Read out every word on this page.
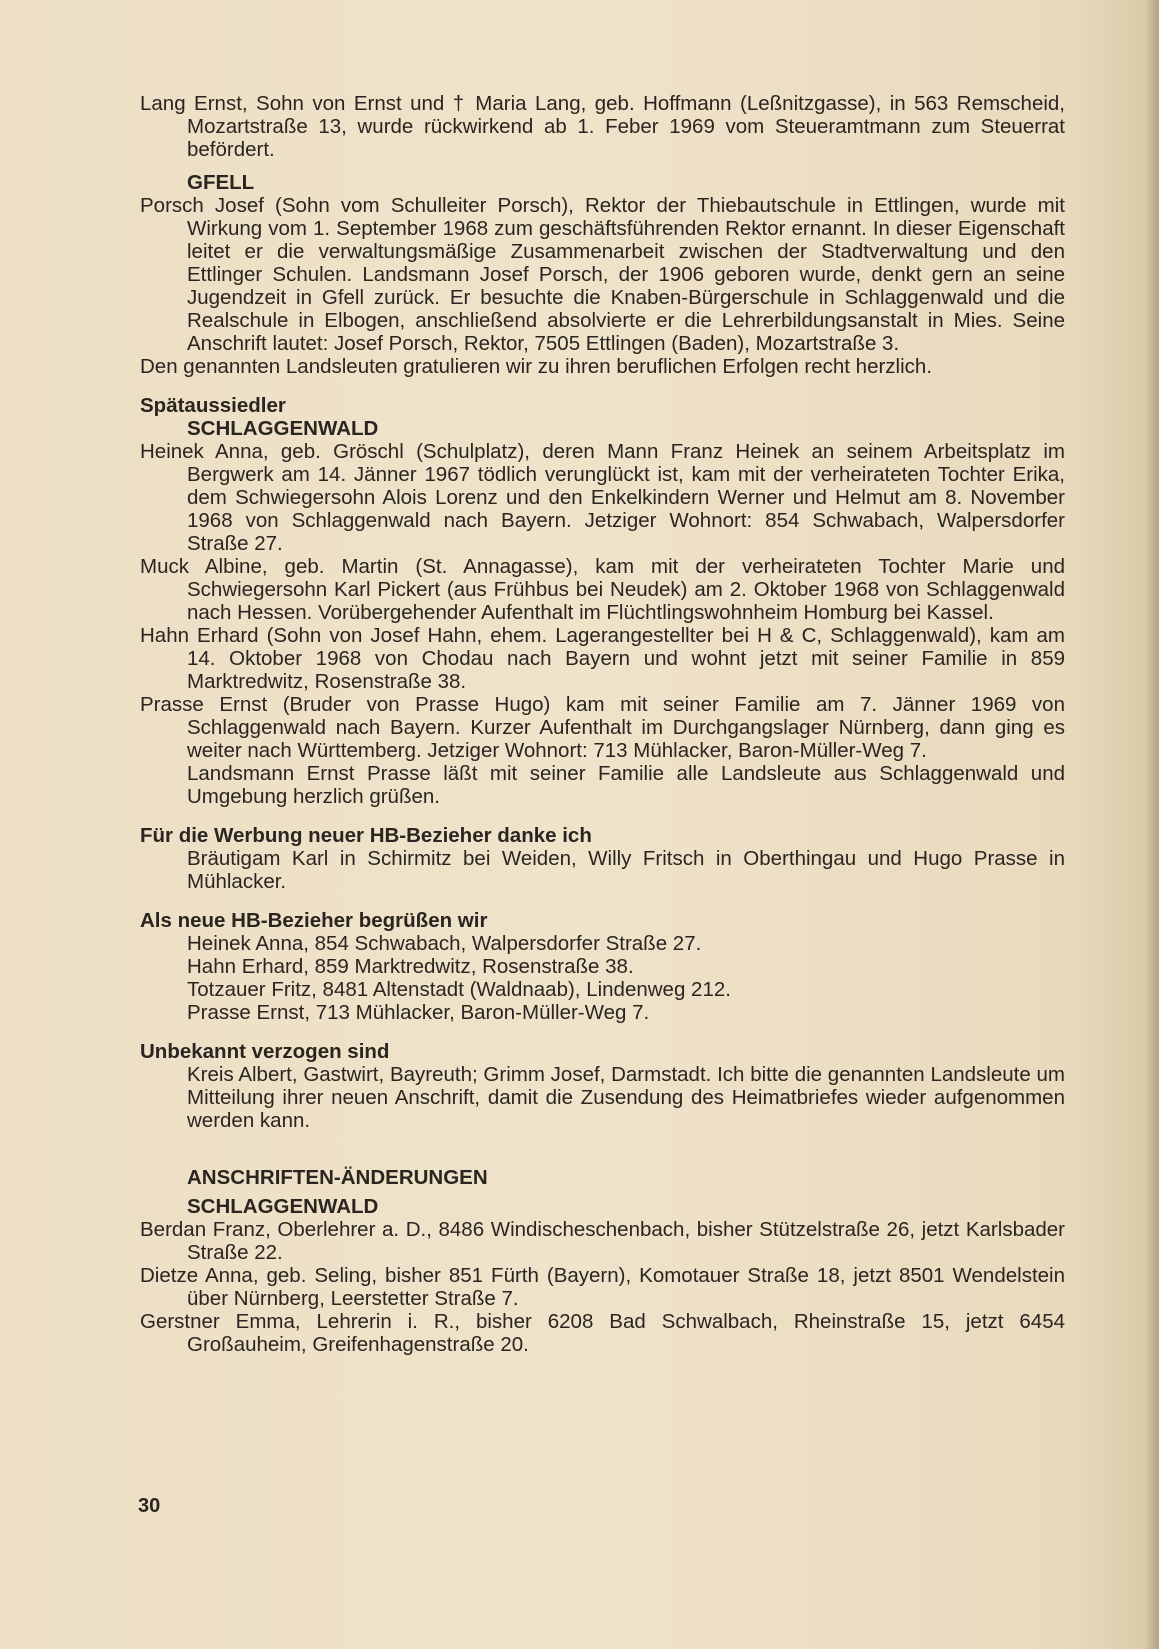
Lang Ernst, Sohn von Ernst und † Maria Lang, geb. Hoffmann (Leßnitzgasse), in 563 Remscheid, Mozartstraße 13, wurde rückwirkend ab 1. Feber 1969 vom Steueramtmann zum Steuerrat befördert.

GFELL

Porsch Josef (Sohn vom Schulleiter Porsch), Rektor der Thiebautschule in Ettlingen, wurde mit Wirkung vom 1. September 1968 zum geschäftsführenden Rektor ernannt. In dieser Eigenschaft leitet er die verwaltungsmäßige Zusammenarbeit zwischen der Stadtverwaltung und den Ettlinger Schulen. Landsmann Josef Porsch, der 1906 geboren wurde, denkt gern an seine Jugendzeit in Gfell zurück. Er besuchte die Knaben-Bürgerschule in Schlaggenwald und die Realschule in Elbogen, anschließend absolvierte er die Lehrerbildungsanstalt in Mies. Seine Anschrift lautet: Josef Porsch, Rektor, 7505 Ettlingen (Baden), Mozartstraße 3.

Den genannten Landsleuten gratulieren wir zu ihren beruflichen Erfolgen recht herzlich.

Spätaussiedler

SCHLAGGENWALD

Heinek Anna, geb. Gröschl (Schulplatz), deren Mann Franz Heinek an seinem Arbeitsplatz im Bergwerk am 14. Jänner 1967 tödlich verunglückt ist, kam mit der verheirateten Tochter Erika, dem Schwiegersohn Alois Lorenz und den Enkelkindern Werner und Helmut am 8. November 1968 von Schlaggenwald nach Bayern. Jetziger Wohnort: 854 Schwabach, Walpersdorfer Straße 27.

Muck Albine, geb. Martin (St. Annagasse), kam mit der verheirateten Tochter Marie und Schwiegersohn Karl Pickert (aus Frühbus bei Neudek) am 2. Oktober 1968 von Schlaggenwald nach Hessen. Vorübergehender Aufenthalt im Flüchtlingswohnheim Homburg bei Kassel.

Hahn Erhard (Sohn von Josef Hahn, ehem. Lagerangestellter bei H & C, Schlaggenwald), kam am 14. Oktober 1968 von Chodau nach Bayern und wohnt jetzt mit seiner Familie in 859 Marktredwitz, Rosenstraße 38.

Prasse Ernst (Bruder von Prasse Hugo) kam mit seiner Familie am 7. Jänner 1969 von Schlaggenwald nach Bayern. Kurzer Aufenthalt im Durchgangslager Nürnberg, dann ging es weiter nach Württemberg. Jetziger Wohnort: 713 Mühlacker, Baron-Müller-Weg 7.

Landsmann Ernst Prasse läßt mit seiner Familie alle Landsleute aus Schlaggenwald und Umgebung herzlich grüßen.

Für die Werbung neuer HB-Bezieher danke ich

Bräutigam Karl in Schirmitz bei Weiden, Willy Fritsch in Oberthingau und Hugo Prasse in Mühlacker.

Als neue HB-Bezieher begrüßen wir

Heinek Anna, 854 Schwabach, Walpersdorfer Straße 27.

Hahn Erhard, 859 Marktredwitz, Rosenstraße 38.

Totzauer Fritz, 8481 Altenstadt (Waldnaab), Lindenweg 212.

Prasse Ernst, 713 Mühlacker, Baron-Müller-Weg 7.

Unbekannt verzogen sind

Kreis Albert, Gastwirt, Bayreuth; Grimm Josef, Darmstadt. Ich bitte die genannten Landsleute um Mitteilung ihrer neuen Anschrift, damit die Zusendung des Heimatbriefes wieder aufgenommen werden kann.

ANSCHRIFTEN-ÄNDERUNGEN

SCHLAGGENWALD

Berdan Franz, Oberlehrer a. D., 8486 Windischeschenbach, bisher Stützelstraße 26, jetzt Karlsbader Straße 22.

Dietze Anna, geb. Seling, bisher 851 Fürth (Bayern), Komotauer Straße 18, jetzt 8501 Wendelstein über Nürnberg, Leerstetter Straße 7.

Gerstner Emma, Lehrerin i. R., bisher 6208 Bad Schwalbach, Rheinstraße 15, jetzt 6454 Großauheim, Greifenhagenstraße 20.

30
